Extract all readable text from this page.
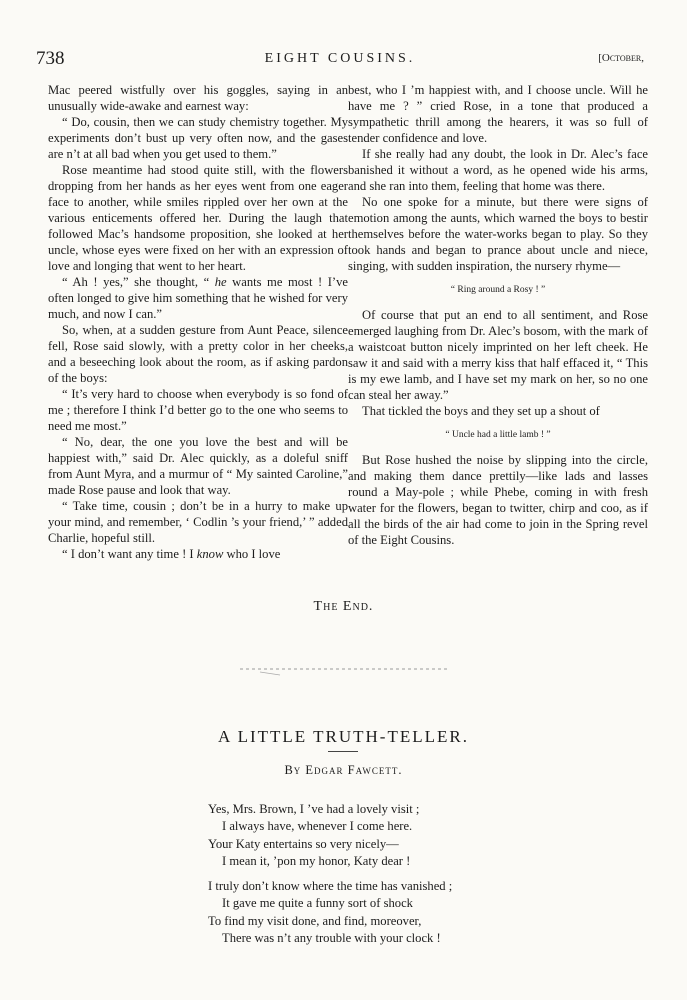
738	EIGHT COUSINS.	[October,

Mac peered wistfully over his goggles, saying in an unusually wide-awake and earnest way:

“ Do, cousin, then we can study chemistry together. My experiments don’t bust up very often now, and the gases are n’t at all bad when you get used to them.”

Rose meantime had stood quite still, with the flowers dropping from her hands as her eyes went from one eager face to another, while smiles rippled over her own at the various enticements offered her. During the laugh that followed Mac’s handsome proposition, she looked at her uncle, whose eyes were fixed on her with an expression of love and longing that went to her heart.

“ Ah ! yes,” she thought, “ he wants me most ! I’ve often longed to give him something that he wished for very much, and now I can.”

So, when, at a sudden gesture from Aunt Peace, silence fell, Rose said slowly, with a pretty color in her cheeks, and a beseeching look about the room, as if asking pardon of the boys:

“ It’s very hard to choose when everybody is so fond of me ; therefore I think I’d better go to the one who seems to need me most.”

“ No, dear, the one you love the best and will be happiest with,” said Dr. Alec quickly, as a doleful sniff from Aunt Myra, and a murmur of “ My sainted Caroline,” made Rose pause and look that way.

“ Take time, cousin ; don’t be in a hurry to make up your mind, and remember, ‘ Codlin ’s your friend,’ ” added Charlie, hopeful still.

“ I don’t want any time ! I know who I love

best, who I ’m happiest with, and I choose uncle. Will he have me ? ” cried Rose, in a tone that produced a sympathetic thrill among the hearers, it was so full of tender confidence and love.

If she really had any doubt, the look in Dr. Alec’s face banished it without a word, as he opened wide his arms, and she ran into them, feeling that home was there.

No one spoke for a minute, but there were signs of emotion among the aunts, which warned the boys to bestir themselves before the water-works began to play. So they took hands and began to prance about uncle and niece, singing, with sudden inspiration, the nursery rhyme—

“ Ring around a Rosy ! ”

Of course that put an end to all sentiment, and Rose emerged laughing from Dr. Alec’s bosom, with the mark of a waistcoat button nicely imprinted on her left cheek. He saw it and said with a merry kiss that half effaced it, “ This is my ewe lamb, and I have set my mark on her, so no one can steal her away.”

That tickled the boys and they set up a shout of

“ Uncle had a little lamb ! ”

But Rose hushed the noise by slipping into the circle, and making them dance prettily—like lads and lasses round a May-pole ; while Phebe, coming in with fresh water for the flowers, began to twitter, chirp and coo, as if all the birds of the air had come to join in the Spring revel of the Eight Cousins.

The End.
A LITTLE TRUTH-TELLER.
By Edgar Fawcett.
Yes, Mrs. Brown, I ’ve had a lovely visit ;
I always have, whenever I come here.
Your Katy entertains so very nicely—
I mean it, ’pon my honor, Katy dear !
I truly don’t know where the time has vanished ;
It gave me quite a funny sort of shock
To find my visit done, and find, moreover,
There was n’t any trouble with your clock !
